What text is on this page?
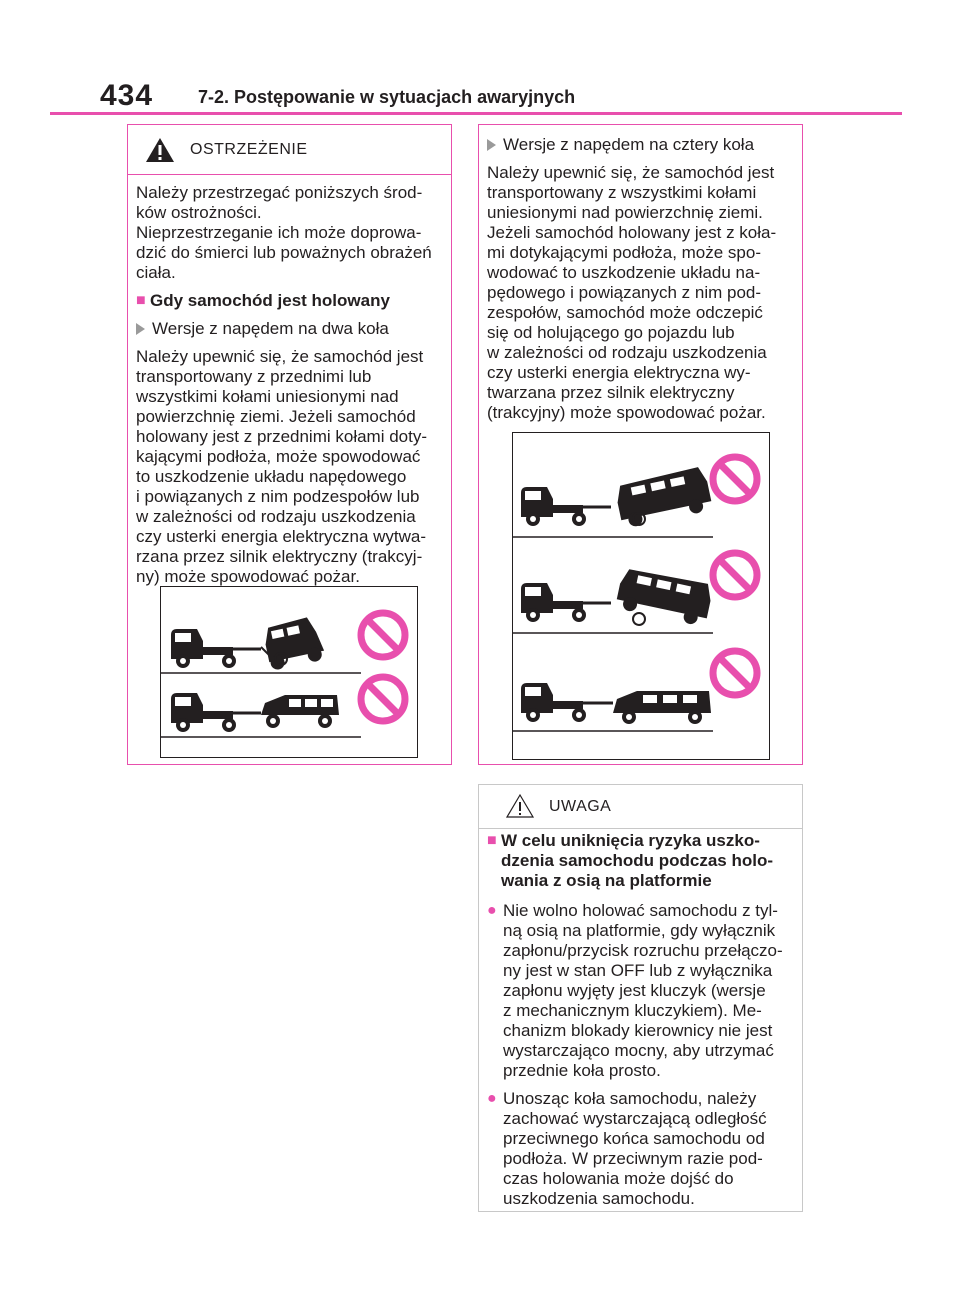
434 7-2. Postępowanie w sytuacjach awaryjnych
OSTRZEŻENIE

Należy przestrzegać poniższych środ-
ków ostrożności.
Nieprzestrzeganie ich może doprowa-
dzić do śmierci lub poważnych obrażeń
ciała.

■ Gdy samochód jest holowany

Wersje z napędem na dwa koła

Należy upewnić się, że samochód jest
transportowany z przednimi lub
wszystkimi kołami uniesionymi nad
powierzchnię ziemi. Jeżeli samochód
holowany jest z przednimi kołami doty-
kającymi podłoża, może spowodować
to uszkodzenie układu napędowego
i powiązanych z nim podzespołów lub
w zależności od rodzaju uszkodzenia
czy usterki energia elektryczna wytwa-
rzana przez silnik elektryczny (trakcyj-
ny) może spowodować pożar.

Wersje z napędem na cztery koła

Należy upewnić się, że samochód jest
transportowany z wszystkimi kołami
uniesionymi nad powierzchnię ziemi.
Jeżeli samochód holowany jest z koła-
mi dotykającymi podłoża, może spo-
wodować to uszkodzenie układu na-
pędowego i powiązanych z nim pod-
zespołów, samochód może odczepić
się od holującego go pojazdu lub
w zależności od rodzaju uszkodzenia
czy usterki energia elektryczna wy-
twarzana przez silnik elektryczny
(trakcyjny) może spowodować pożar.

UWAGA
■ W celu uniknięcia ryzyka uszko-
dzenia samochodu podczas holo-
wania z osią na platformie
● Nie wolno holować samochodu z tyl-
ną osią na platformie, gdy wyłącznik
zapłonu/przycisk rozruchu przełączo-
ny jest w stan OFF lub z wyłącznika
zapłonu wyjęty jest kluczyk (wersje
z mechanicznym kluczykiem). Me-
chanizm blokady kierownicy nie jest
wystarczająco mocny, aby utrzymać
przednie koła prosto.
● Unosząc koła samochodu, należy
zachować wystarczającą odległość
przeciwnego końca samochodu od
podłoża. W przeciwnym razie pod-
czas holowania może dojść do
uszkodzenia samochodu.
